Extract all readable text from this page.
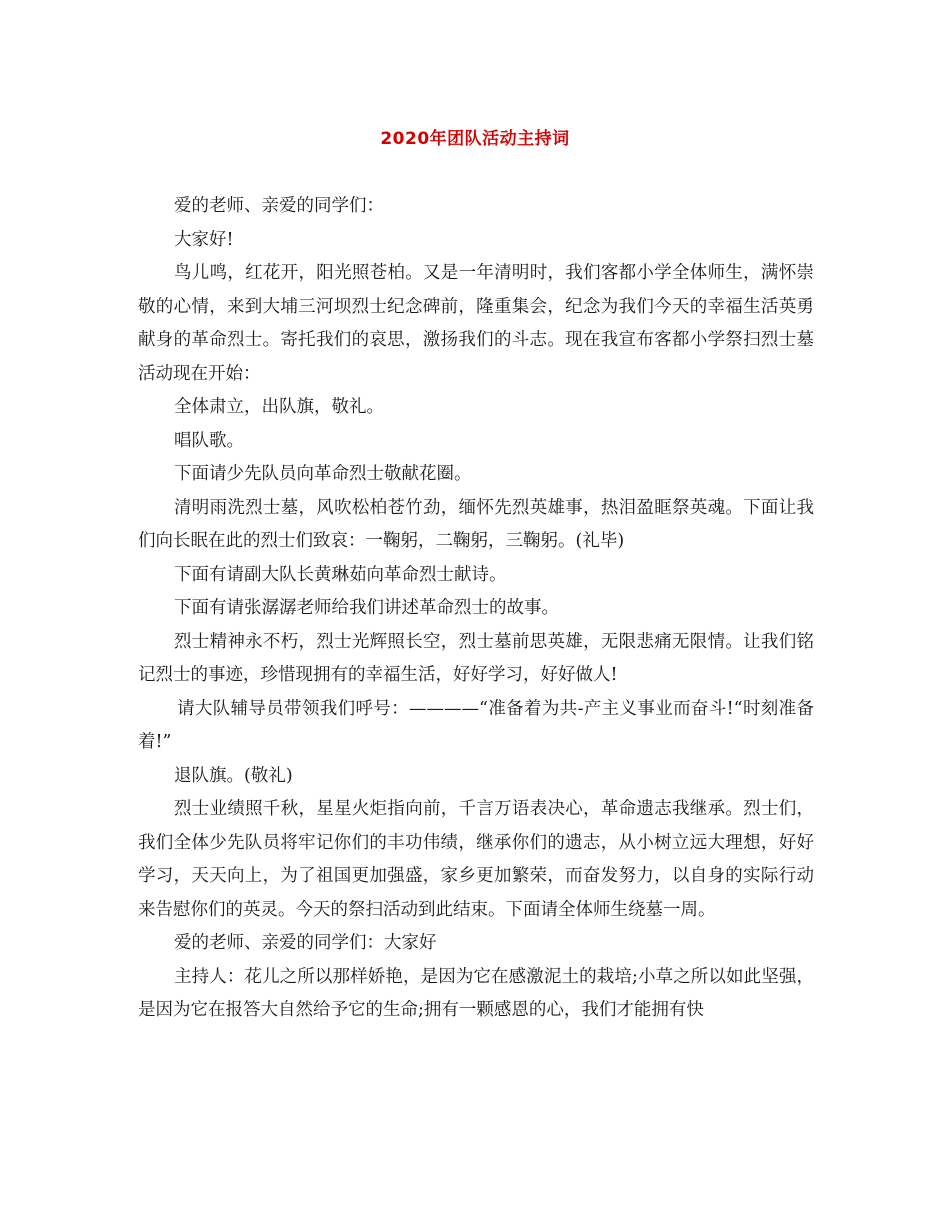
2020年团队活动主持词

爱的老师、亲爱的同学们：

大家好!

鸟儿鸣，红花开，阳光照苍柏。又是一年清明时，我们客都小学全体师生，满怀崇敬的心情，来到大埔三河坝烈士纪念碑前，隆重集会，纪念为我们今天的幸福生活英勇献身的革命烈士。寄托我们的哀思，激扬我们的斗志。现在我宣布客都小学祭扫烈士墓活动现在开始：

全体肃立，出队旗，敬礼。

唱队歌。

下面请少先队员向革命烈士敬献花圈。

清明雨洗烈士墓，风吹松柏苍竹劲，缅怀先烈英雄事，热泪盈眶祭英魂。下面让我们向长眠在此的烈士们致哀：一鞠躬，二鞠躬，三鞠躬。(礼毕)

下面有请副大队长黄琳茹向革命烈士献诗。

下面有请张潺潺老师给我们讲述革命烈士的故事。

烈士精神永不朽，烈士光辉照长空，烈士墓前思英雄，无限悲痛无限情。让我们铭记烈士的事迹，珍惜现拥有的幸福生活，好好学习，好好做人!

请大队辅导员带领我们呼号：————“准备着为共-产主义事业而奋斗!“时刻准备着!”

退队旗。(敬礼)

烈士业绩照千秋，星星火炬指向前，千言万语表决心，革命遗志我继承。烈士们，我们全体少先队员将牢记你们的丰功伟绩，继承你们的遗志，从小树立远大理想，好好学习，天天向上，为了祖国更加强盛，家乡更加繁荣，而奋发努力，以自身的实际行动来告慰你们的英灵。今天的祭扫活动到此结束。下面请全体师生绕墓一周。

爱的老师、亲爱的同学们：大家好

主持人：花儿之所以那样娇艳，是因为它在感激泥土的栽培;小草之所以如此坚强，是因为它在报答大自然给予它的生命;拥有一颗感恩的心，我们才能拥有快
